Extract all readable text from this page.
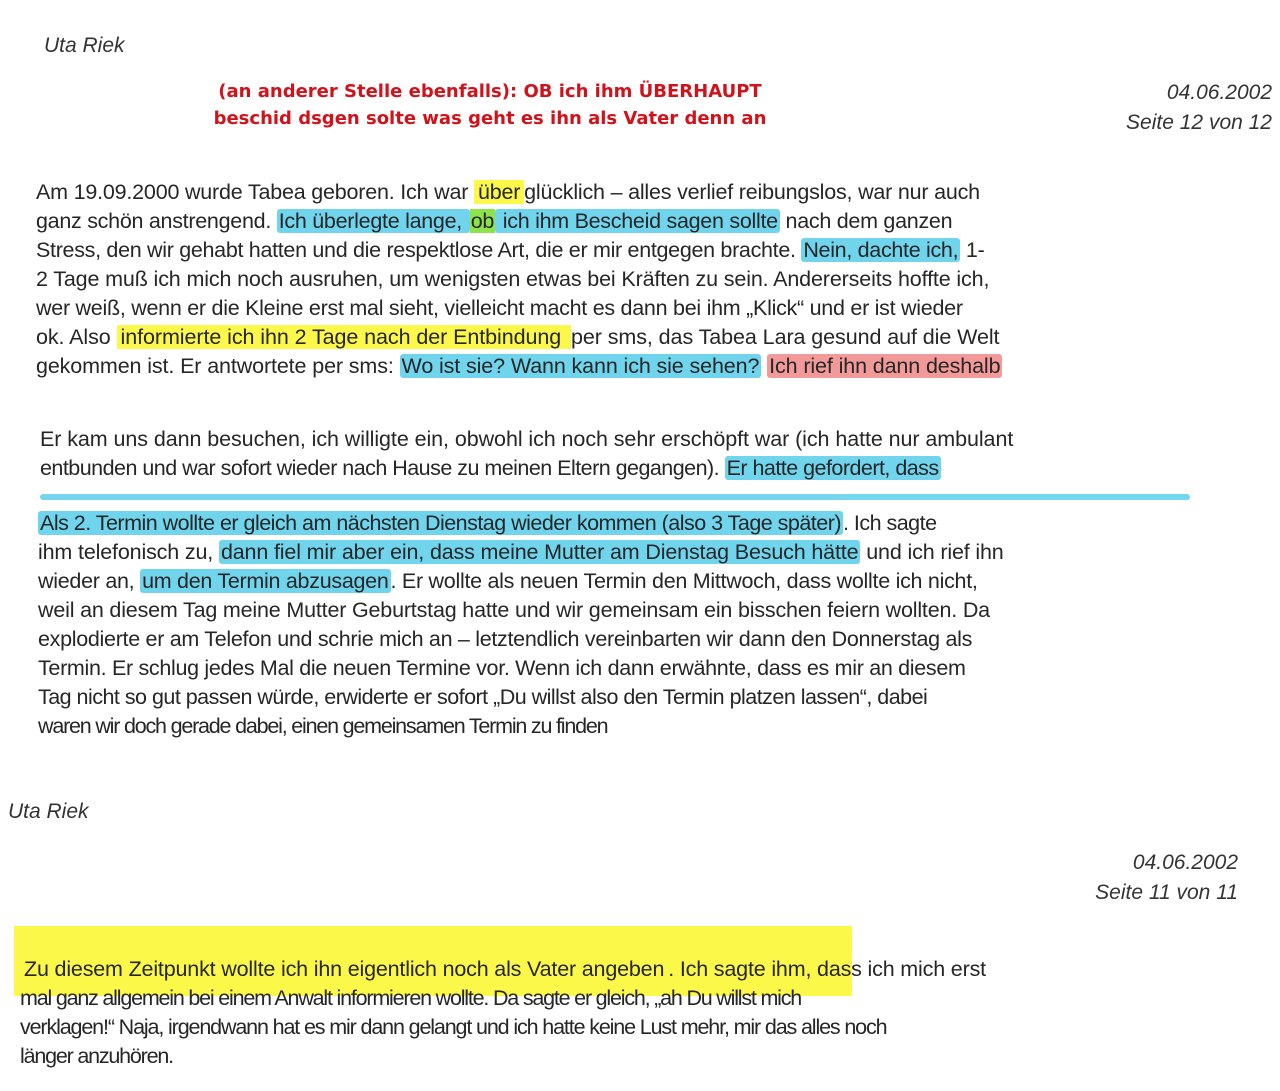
Uta Riek
(an anderer Stelle ebenfalls): OB ich ihm ÜBERHAUPT
beschid dsgen solte was geht es ihn als Vater denn an
04.06.2002
Seite 12 von 12
Am 19.09.2000 wurde Tabea geboren. Ich war über glücklich – alles verlief reibungslos, war nur auch
ganz schön anstrengend. Ich überlegte lange, ob ich ihm Bescheid sagen sollte nach dem ganzen
Stress, den wir gehabt hatten und die respektlose Art, die er mir entgegen brachte. Nein, dachte ich, 1-
2 Tage muß ich mich noch ausruhen, um wenigsten etwas bei Kräften zu sein. Andererseits hoffte ich,
wer weiß, wenn er die Kleine erst mal sieht, vielleicht macht es dann bei ihm „Klick“ und er ist wieder
ok. Also informierte ich ihn 2 Tage nach der Entbindung per sms, das Tabea Lara gesund auf die Welt
gekommen ist. Er antwortete per sms: Wo ist sie? Wann kann ich sie sehen? Ich rief ihn dann deshalb
Er kam uns dann besuchen, ich willigte ein, obwohl ich noch sehr erschöpft war (ich hatte nur ambulant
entbunden und war sofort wieder nach Hause zu meinen Eltern gegangen). Er hatte gefordert, dass
Als 2. Termin wollte er gleich am nächsten Dienstag wieder kommen (also 3 Tage später). Ich sagte
ihm telefonisch zu, dann fiel mir aber ein, dass meine Mutter am Dienstag Besuch hätte und ich rief ihn
wieder an, um den Termin abzusagen. Er wollte als neuen Termin den Mittwoch, dass wollte ich nicht,
weil an diesem Tag meine Mutter Geburtstag hatte und wir gemeinsam ein bisschen feiern wollten. Da
explodierte er am Telefon und schrie mich an – letztendlich vereinbarten wir dann den Donnerstag als
Termin. Er schlug jedes Mal die neuen Termine vor. Wenn ich dann erwähnte, dass es mir an diesem
Tag nicht so gut passen würde, erwiderte er sofort „Du willst also den Termin platzen lassen“, dabei
waren wir doch gerade dabei, einen gemeinsamen Termin zu finden
Uta Riek
04.06.2002
Seite 11 von 11
Zu diesem Zeitpunkt wollte ich ihn eigentlich noch als Vater angeben . Ich sagte ihm, dass ich mich erst
mal ganz allgemein bei einem Anwalt informieren wollte. Da sagte er gleich, „ah Du willst mich
verklagen!“ Naja, irgendwann hat es mir dann gelangt und ich hatte keine Lust mehr, mir das alles noch
länger anzuhören.
